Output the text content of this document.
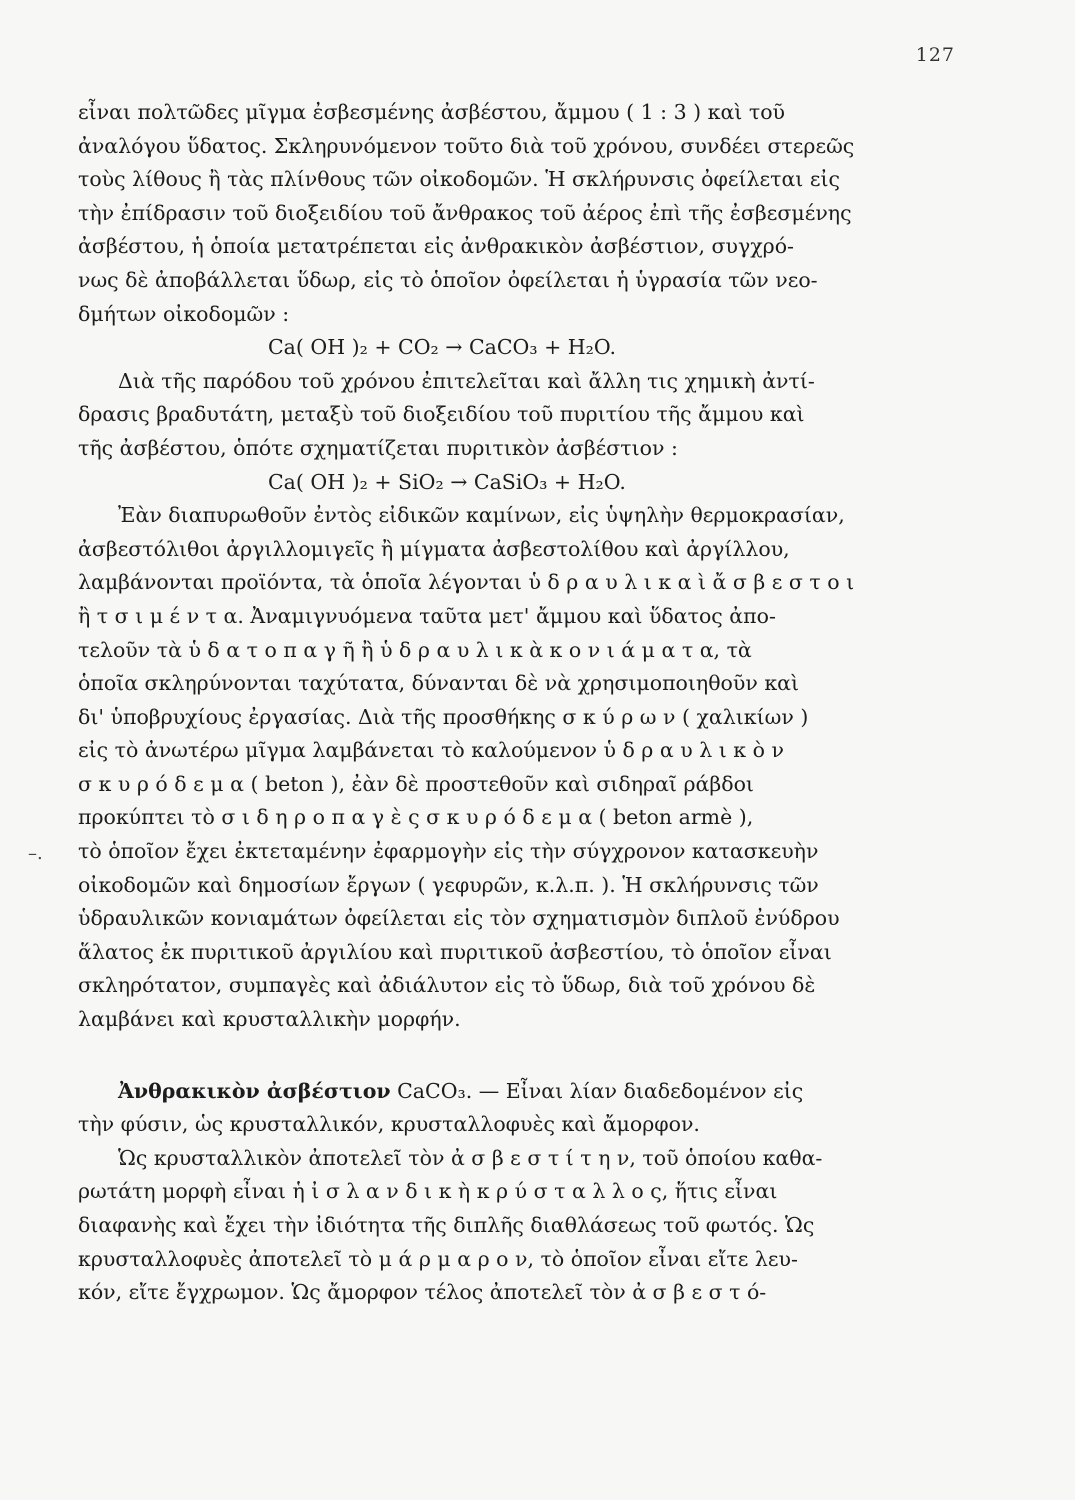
127
–.
εἶναι πολτῶδες μῖγμα ἐσβεσμένης ἀσβέστου, ἄμμου ( 1 : 3 ) καὶ τοῦ
ἀναλόγου ὕδατος. Σκληρυνόμενον τοῦτο διὰ τοῦ χρόνου, συνδέει στερεῶς
τοὺς λίθους ἢ τὰς πλίνθους τῶν οἰκοδομῶν. Ἡ σκλήρυνσις ὀφείλεται εἰς
τὴν ἐπίδρασιν τοῦ διοξειδίου τοῦ ἄνθρακος τοῦ ἀέρος ἐπὶ τῆς ἐσβεσμένης
ἀσβέστου, ἡ ὁποία μετατρέπεται εἰς ἀνθρακικὸν ἀσβέστιον, συγχρό-
νως δὲ ἀποβάλλεται ὕδωρ, εἰς τὸ ὁποῖον ὀφείλεται ἡ ὑγρασία τῶν νεο-
δμήτων οἰκοδομῶν :
Ca( OH )₂ + CO₂ → CaCO₃ + H₂O.
Διὰ τῆς παρόδου τοῦ χρόνου ἐπιτελεῖται καὶ ἄλλη τις χημικὴ ἀντί-
δρασις βραδυτάτη, μεταξὺ τοῦ διοξειδίου τοῦ πυριτίου τῆς ἄμμου καὶ
τῆς ἀσβέστου, ὁπότε σχηματίζεται πυριτικὸν ἀσβέστιον :
Ca( OH )₂ + SiO₂ → CaSiO₃ + H₂O.
Ἐὰν διαπυρωθοῦν ἐντὸς εἰδικῶν καμίνων, εἰς ὑψηλὴν θερμοκρασίαν,
ἀσβεστόλιθοι ἀργιλλομιγεῖς ἢ μίγματα ἀσβεστολίθου καὶ ἀργίλλου,
λαμβάνονται προϊόντα, τὰ ὁποῖα λέγονται ὑ δ ρ α υ λ ι κ α ὶ ἄ σ β ε σ τ ο ι
ἢ τ σ ι μ έ ν τ α. Ἀναμιγνυόμενα ταῦτα μετ' ἄμμου καὶ ὕδατος ἀπο-
τελοῦν τὰ ὑ δ α τ ο π α γ ῆ ἢ ὑ δ ρ α υ λ ι κ ὰ κ ο ν ι ά μ α τ α, τὰ
ὁποῖα σκληρύνονται ταχύτατα, δύνανται δὲ νὰ χρησιμοποιηθοῦν καὶ
δι' ὑποβρυχίους ἐργασίας. Διὰ τῆς προσθήκης σ κ ύ ρ ω ν ( χαλικίων )
εἰς τὸ ἀνωτέρω μῖγμα λαμβάνεται τὸ καλούμενον ὑ δ ρ α υ λ ι κ ὸ ν
σ κ υ ρ ό δ ε μ α ( beton ), ἐὰν δὲ προστεθοῦν καὶ σιδηραῖ ράβδοι
προκύπτει τὸ σ ι δ η ρ ο π α γ ὲ ς σ κ υ ρ ό δ ε μ α ( beton armè ),
τὸ ὁποῖον ἔχει ἐκτεταμένην ἐφαρμογὴν εἰς τὴν σύγχρονον κατασκευὴν
οἰκοδομῶν καὶ δημοσίων ἔργων ( γεφυρῶν, κ.λ.π. ). Ἡ σκλήρυνσις τῶν
ὑδραυλικῶν κονιαμάτων ὀφείλεται εἰς τὸν σχηματισμὸν διπλοῦ ἐνύδρου
ἅλατος ἐκ πυριτικοῦ ἀργιλίου καὶ πυριτικοῦ ἀσβεστίου, τὸ ὁποῖον εἶναι
σκληρότατον, συμπαγὲς καὶ ἀδιάλυτον εἰς τὸ ὕδωρ, διὰ τοῦ χρόνου δὲ
λαμβάνει καὶ κρυσταλλικὴν μορφήν.
Ἀνθρακικὸν ἀσβέστιον CaCO₃. — Εἶναι λίαν διαδεδομένον εἰς
τὴν φύσιν, ὡς κρυσταλλικόν, κρυσταλλοφυὲς καὶ ἄμορφον.
Ὡς κρυσταλλικὸν ἀποτελεῖ τὸν ἀ σ β ε σ τ ί τ η ν, τοῦ ὁποίου καθα-
ρωτάτη μορφὴ εἶναι ἡ ἰ σ λ α ν δ ι κ ὴ κ ρ ύ σ τ α λ λ ο ς, ἥτις εἶναι
διαφανὴς καὶ ἔχει τὴν ἰδιότητα τῆς διπλῆς διαθλάσεως τοῦ φωτός. Ὡς
κρυσταλλοφυὲς ἀποτελεῖ τὸ μ ά ρ μ α ρ ο ν, τὸ ὁποῖον εἶναι εἴτε λευ-
κόν, εἴτε ἔγχρωμον. Ὡς ἄμορφον τέλος ἀποτελεῖ τὸν ἀ σ β ε σ τ ό-
